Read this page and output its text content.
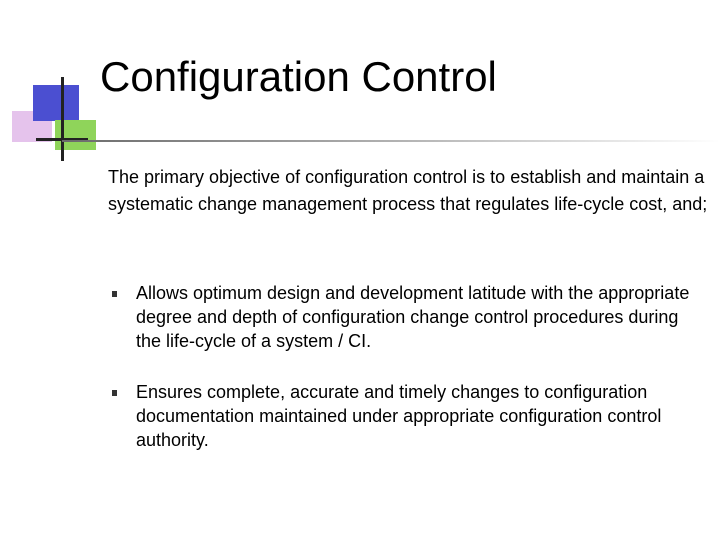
Configuration Control
The primary objective of configuration control is to establish and maintain a systematic change management process that regulates life-cycle cost, and;
Allows optimum design and development latitude with the appropriate degree and depth of configuration change control procedures during the life-cycle of a system / CI.
Ensures complete, accurate and timely changes to configuration documentation maintained under appropriate configuration control authority.
